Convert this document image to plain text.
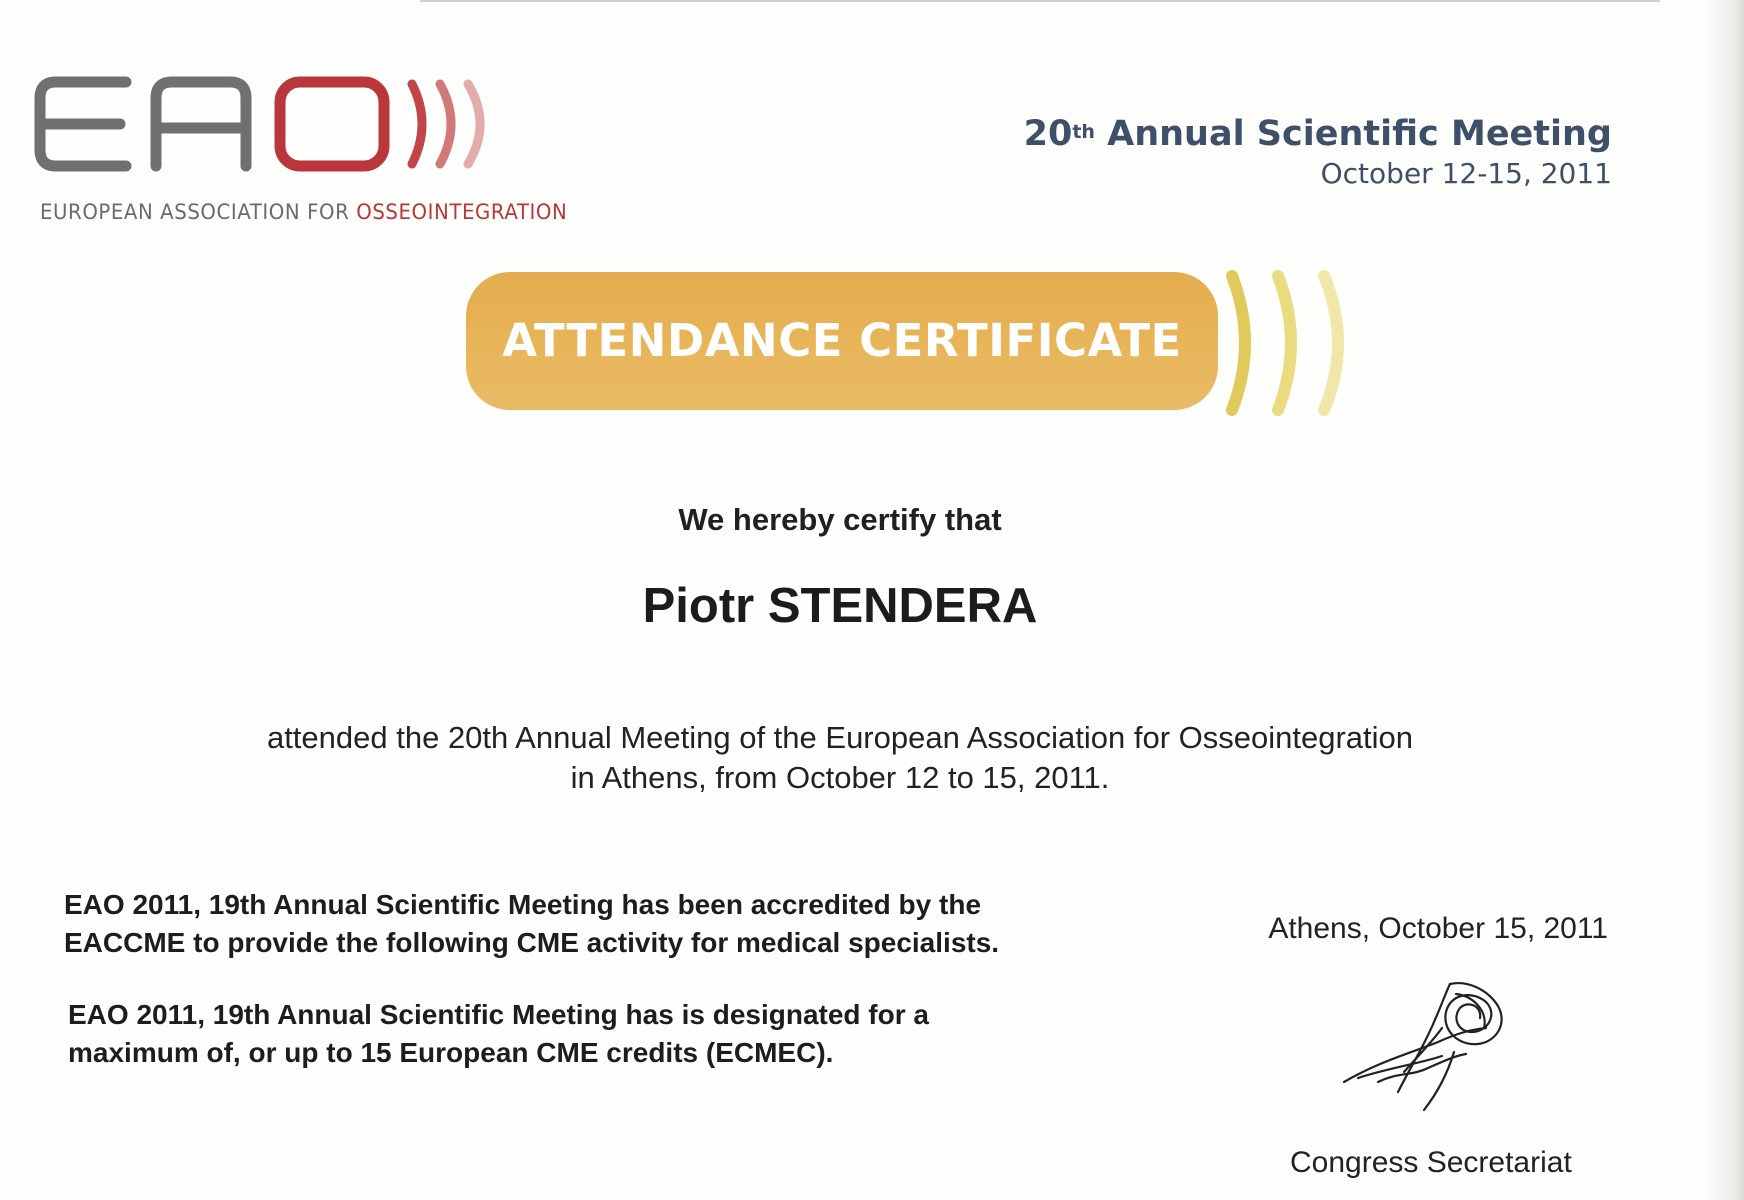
EUROPEAN ASSOCIATION FOR OSSEOINTEGRATION
20th Annual Scientific Meeting
October 12-15, 2011
ATTENDANCE CERTIFICATE
We hereby certify that
Piotr STENDERA
attended the 20th Annual Meeting of the European Association for Osseointegration
in Athens, from October 12 to 15, 2011.
EAO 2011, 19th Annual Scientific Meeting has been accredited by the
EACCME to provide the following CME activity for medical specialists.
EAO 2011, 19th Annual Scientific Meeting has is designated for a
maximum of, or up to 15 European CME credits (ECMEC).
Athens, October 15, 2011
Congress Secretariat
